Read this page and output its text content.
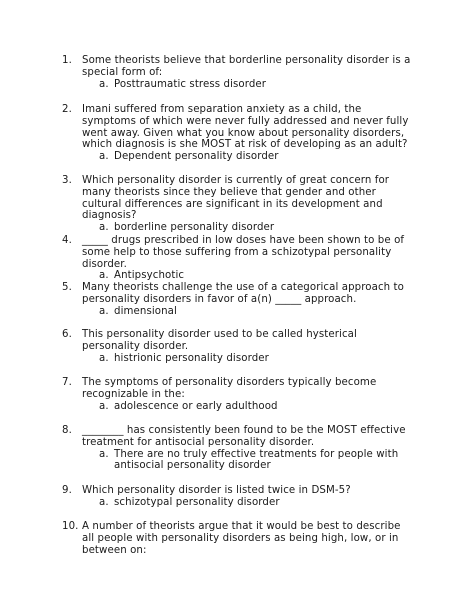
1. Some theorists believe that borderline personality disorder is a special form of:
a. Posttraumatic stress disorder
2. Imani suffered from separation anxiety as a child, the symptoms of which were never fully addressed and never fully went away. Given what you know about personality disorders, which diagnosis is she MOST at risk of developing as an adult?
a. Dependent personality disorder
3. Which personality disorder is currently of great concern for many theorists since they believe that gender and other cultural differences are significant in its development and diagnosis?
a. borderline personality disorder
4. _____ drugs prescribed in low doses have been shown to be of some help to those suffering from a schizotypal personality disorder.
a. Antipsychotic
5. Many theorists challenge the use of a categorical approach to personality disorders in favor of a(n) _____ approach.
a. dimensional
6. This personality disorder used to be called hysterical personality disorder.
a. histrionic personality disorder
7. The symptoms of personality disorders typically become recognizable in the:
a. adolescence or early adulthood
8. ________ has consistently been found to be the MOST effective treatment for antisocial personality disorder.
a. There are no truly effective treatments for people with antisocial personality disorder
9. Which personality disorder is listed twice in DSM-5?
a. schizotypal personality disorder
10. A number of theorists argue that it would be best to describe all people with personality disorders as being high, low, or in between on:
